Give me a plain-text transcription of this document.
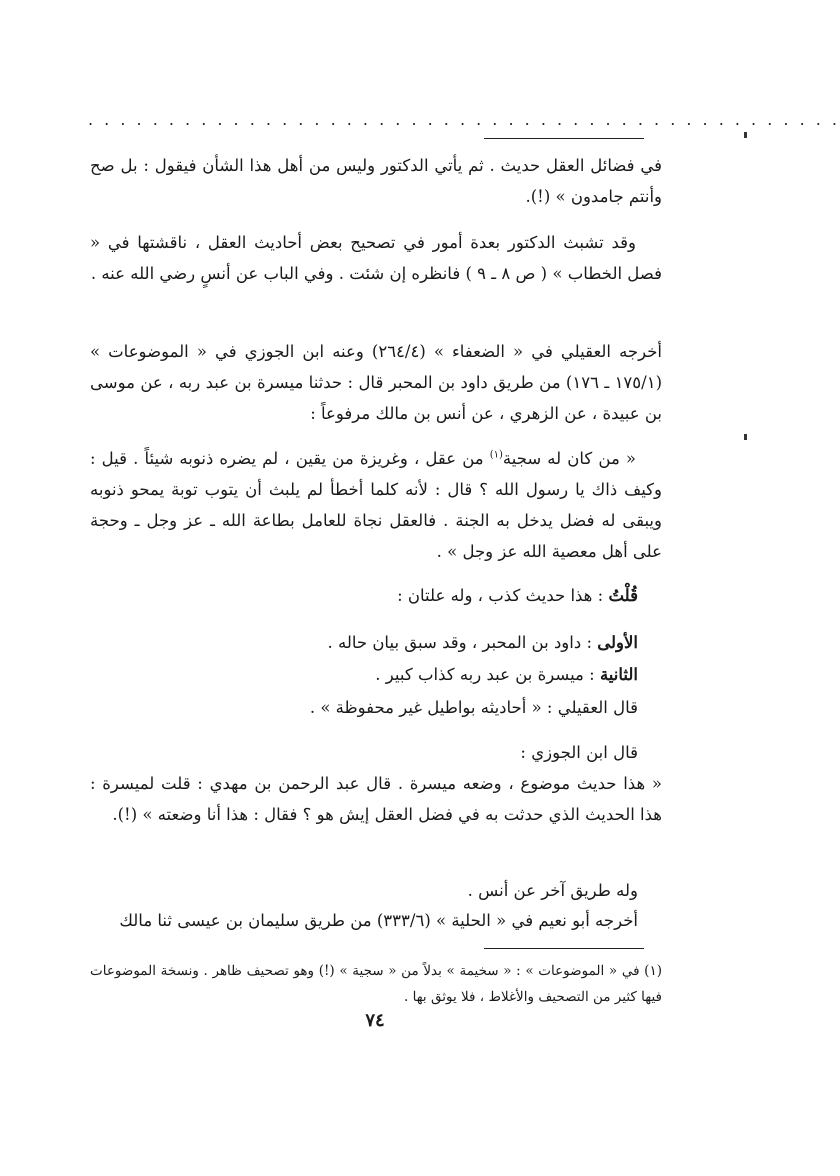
. . . . . . . . . . . . . . . . . . . . . . . . . . . . . . . . . . . . . . . . . . . . . . .

في فضائل العقل حديث . ثم يأتي الدكتور وليس من أهل هذا الشأن فيقول : بل صح وأنتم جامدون » (!).

وقد تشبث الدكتور بعدة أمور في تصحيح بعض أحاديث العقل ، ناقشتها في « فصل الخطاب » ( ص ٨ ـ ٩ ) فانظره إن شئت . وفي الباب عن أنسٍ رضي الله عنه .

أخرجه العقيلي في « الضعفاء » (٢٦٤/٤) وعنه ابن الجوزي في « الموضوعات » (١٧٥/١ ـ ١٧٦) من طريق داود بن المحبر قال : حدثنا ميسرة بن عبد ربه ، عن موسى بن عبيدة ، عن الزهري ، عن أنس بن مالك مرفوعاً :

« من كان له سجية$^{(١)}$ من عقل ، وغريزة من يقين ، لم يضره ذنوبه شيئاً . قيل : وكيف ذاك يا رسول الله ؟ قال : لأنه كلما أخطأ لم يلبث أن يتوب توبة يمحو ذنوبه ويبقى له فضل يدخل به الجنة . فالعقل نجاة للعامل بطاعة الله ـ عز وجل ـ وحجة على أهل معصية الله عز وجل » .

قُلْتُ : هذا حديث كذب ، وله علتان :

الأولى : داود بن المحبر ، وقد سبق بيان حاله .

الثانية : ميسرة بن عبد ربه كذاب كبير .

قال العقيلي : « أحاديثه بواطيل غير محفوظة » .

قال ابن الجوزي :

« هذا حديث موضوع ، وضعه ميسرة . قال عبد الرحمن بن مهدي : قلت لميسرة : هذا الحديث الذي حدثت به في فضل العقل إيش هو ؟ فقال : هذا أنا وضعته » (!).

وله طريق آخر عن أنس .

أخرجه أبو نعيم في « الحلية » (٣٣٣/٦) من طريق سليمان بن عيسى ثنا مالك

(١) في « الموضوعات » : « سخيمة » بدلاً من « سجية » (!) وهو تصحيف ظاهر . ونسخة الموضوعات فيها كثير من التصحيف والأغلاط ، فلا يوثق بها .

٧٤
